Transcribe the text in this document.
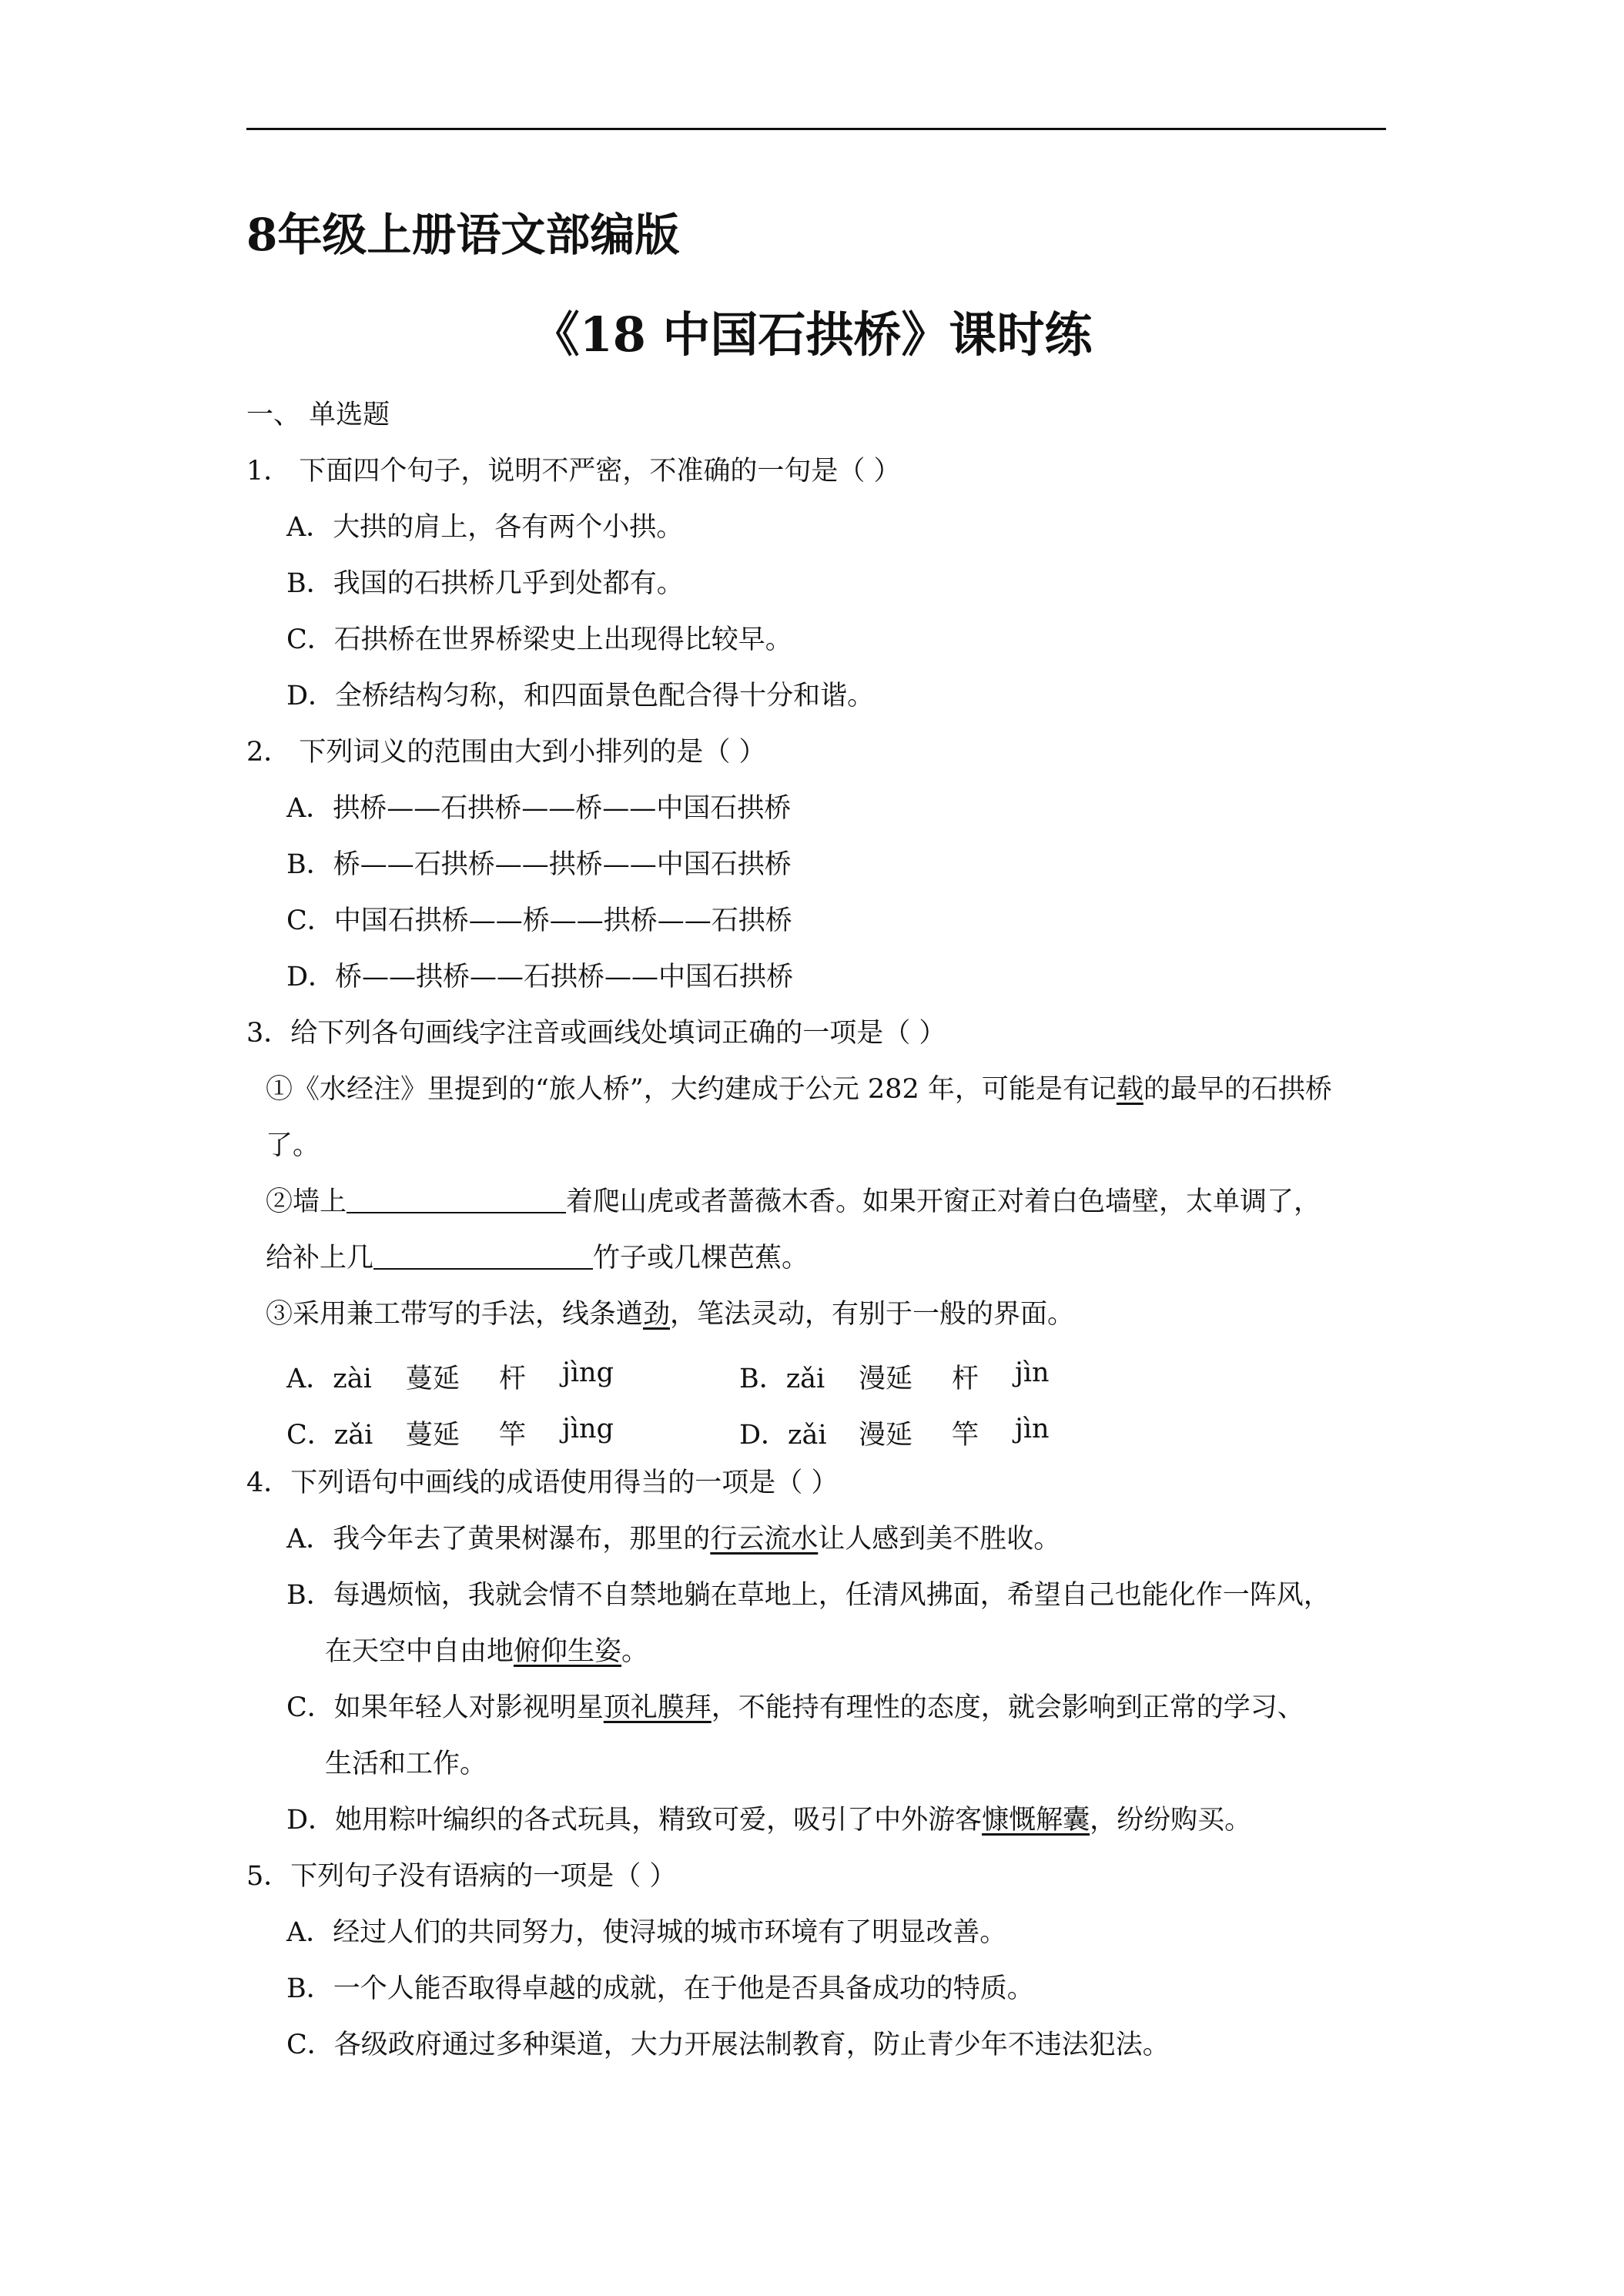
8年级上册语文部编版
《18 中国石拱桥》课时练
一、 单选题
1． 下面四个句子，说明不严密，不准确的一句是（ ）
A．大拱的肩上，各有两个小拱。
B．我国的石拱桥几乎到处都有。
C．石拱桥在世界桥梁史上出现得比较早。
D．全桥结构匀称，和四面景色配合得十分和谐。
2． 下列词义的范围由大到小排列的是（ ）
A．拱桥——石拱桥——桥——中国石拱桥
B．桥——石拱桥——拱桥——中国石拱桥
C．中国石拱桥——桥——拱桥——石拱桥
D．桥——拱桥——石拱桥——中国石拱桥
3．给下列各句画线字注音或画线处填词正确的一项是（ ）
①《水经注》里提到的“旅人桥”，大约建成于公元 282 年，可能是有记载的最早的石拱桥
了。
②墙上	着爬山虎或者蔷薇木香。如果开窗正对着白色墙壁，太单调了，
给补上几	竹子或几棵芭蕉。
③采用兼工带写的手法，线条遒劲，笔法灵动，有别于一般的界面。
A．zài 蔓延 杆 jìng	B．zǎi 漫延 杆 jìn
C．zǎi 蔓延 竿 jìng	D．zǎi 漫延 竿 jìn
4．下列语句中画线的成语使用得当的一项是（ ）
A．我今年去了黄果树瀑布，那里的行云流水让人感到美不胜收。
B．每遇烦恼，我就会情不自禁地躺在草地上，任清风拂面，希望自己也能化作一阵风，
在天空中自由地俯仰生姿。
C．如果年轻人对影视明星顶礼膜拜，不能持有理性的态度，就会影响到正常的学习、
生活和工作。
D．她用粽叶编织的各式玩具，精致可爱，吸引了中外游客慷慨解囊，纷纷购买。
5．下列句子没有语病的一项是（ ）
A．经过人们的共同努力，使浔城的城市环境有了明显改善。
B．一个人能否取得卓越的成就，在于他是否具备成功的特质。
C．各级政府通过多种渠道，大力开展法制教育，防止青少年不违法犯法。
